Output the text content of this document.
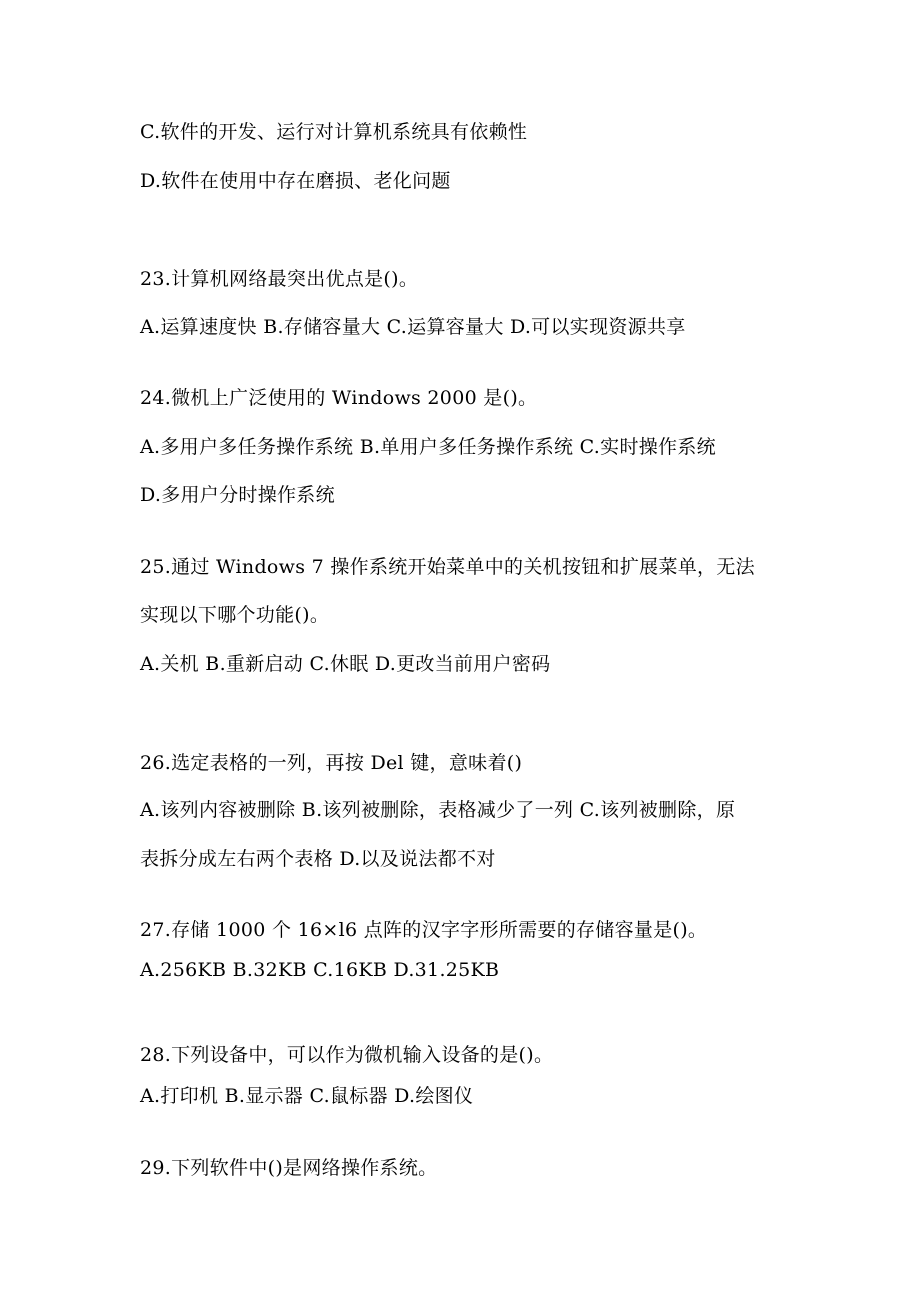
C.软件的开发、运行对计算机系统具有依赖性
D.软件在使用中存在磨损、老化问题
23.计算机网络最突出优点是()。
A.运算速度快 B.存储容量大 C.运算容量大 D.可以实现资源共享
24.微机上广泛使用的 Windows 2000 是()。
A.多用户多任务操作系统 B.单用户多任务操作系统 C.实时操作系统
D.多用户分时操作系统
25.通过 Windows 7 操作系统开始菜单中的关机按钮和扩展菜单，无法
实现以下哪个功能()。
A.关机 B.重新启动 C.休眠 D.更改当前用户密码
26.选定表格的一列，再按 Del 键，意味着()
A.该列内容被删除 B.该列被删除，表格减少了一列 C.该列被删除，原
表拆分成左右两个表格 D.以及说法都不对
27.存储 1000 个 16×l6 点阵的汉字字形所需要的存储容量是()。
A.256KB B.32KB C.16KB D.31.25KB
28.下列设备中，可以作为微机输入设备的是()。
A.打印机 B.显示器 C.鼠标器 D.绘图仪
29.下列软件中()是网络操作系统。
